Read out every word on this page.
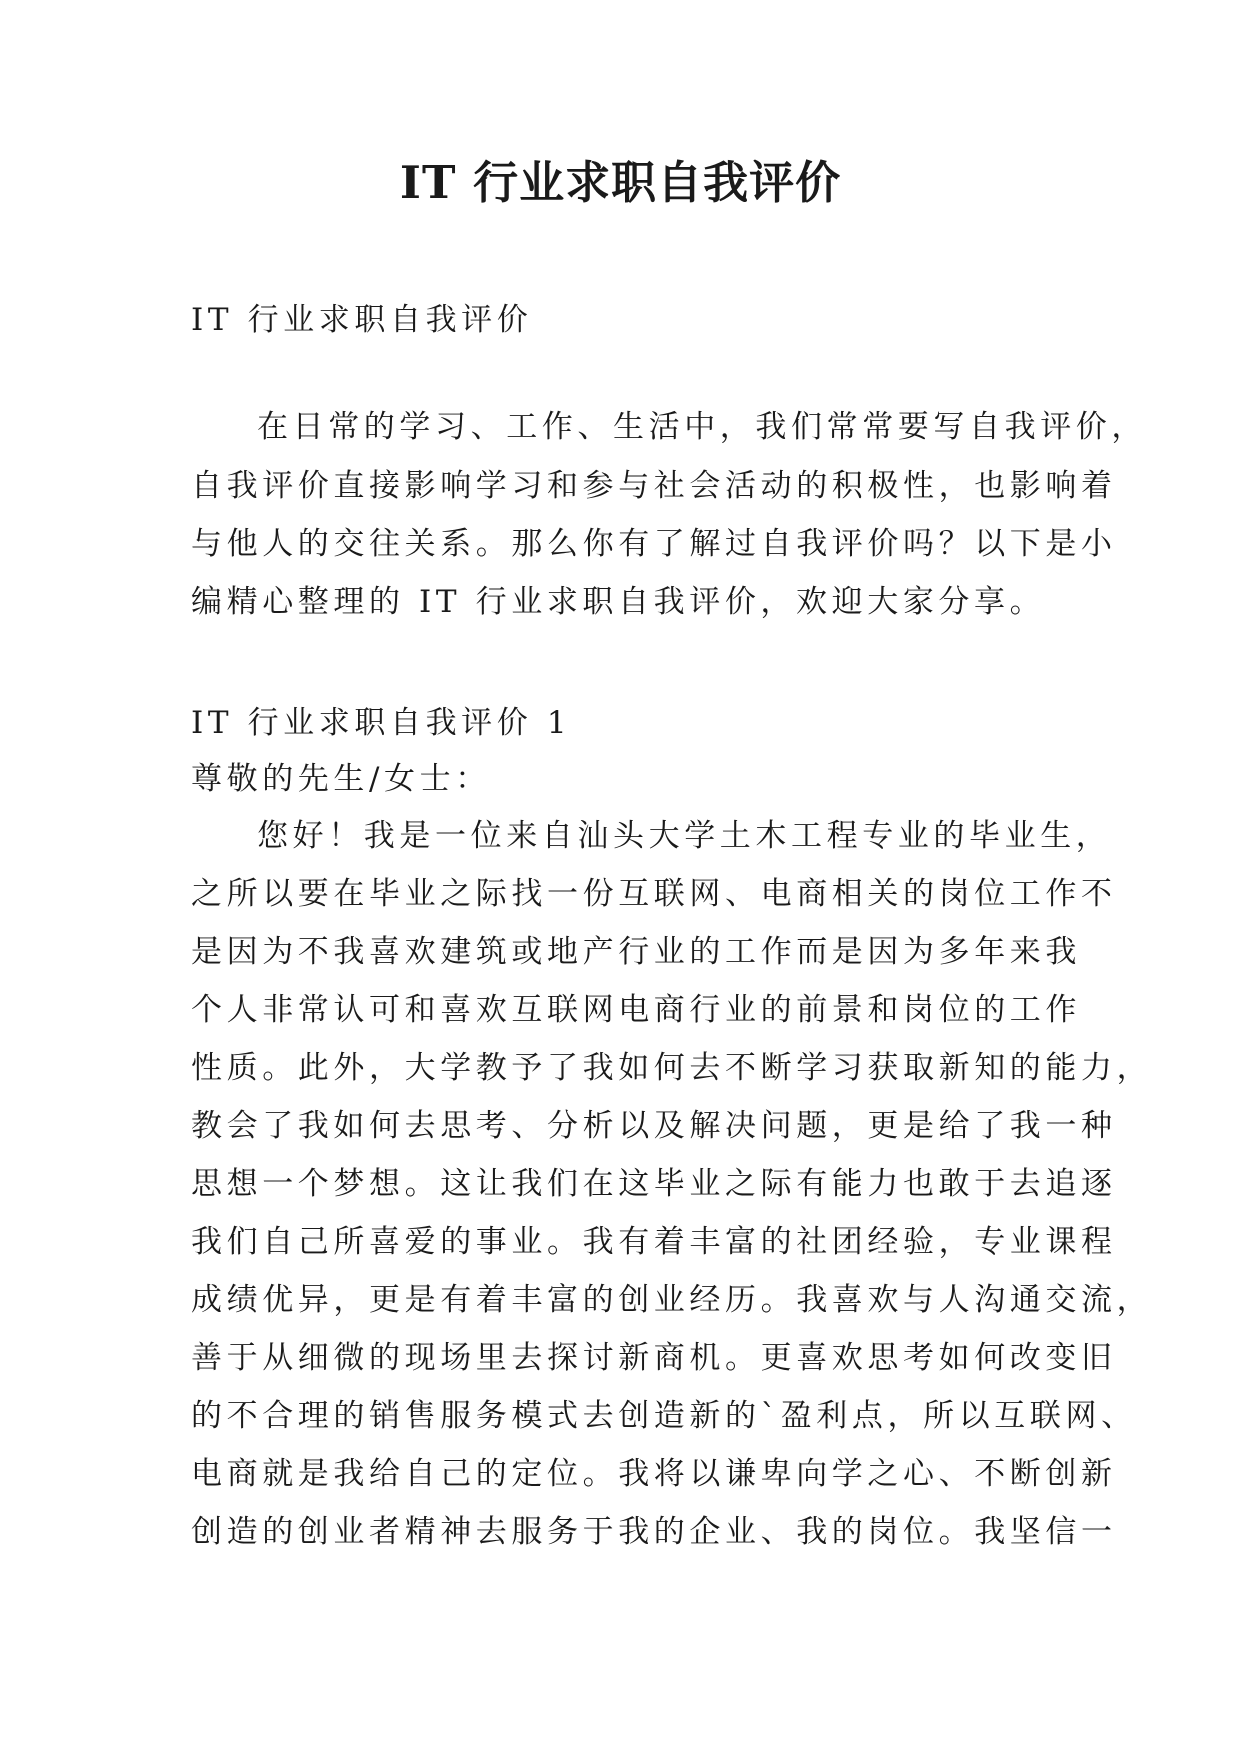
IT 行业求职自我评价

IT 行业求职自我评价

在日常的学习、工作、生活中，我们常常要写自我评价，

自我评价直接影响学习和参与社会活动的积极性，也影响着

与他人的交往关系。那么你有了解过自我评价吗？以下是小

编精心整理的 IT 行业求职自我评价，欢迎大家分享。

IT 行业求职自我评价 1

尊敬的先生/女士：

您好！我是一位来自汕头大学土木工程专业的毕业生，

之所以要在毕业之际找一份互联网、电商相关的岗位工作不

是因为不我喜欢建筑或地产行业的工作而是因为多年来我

个人非常认可和喜欢互联网电商行业的前景和岗位的工作

性质。此外，大学教予了我如何去不断学习获取新知的能力，

教会了我如何去思考、分析以及解决问题，更是给了我一种

思想一个梦想。这让我们在这毕业之际有能力也敢于去追逐

我们自己所喜爱的事业。我有着丰富的社团经验，专业课程

成绩优异，更是有着丰富的创业经历。我喜欢与人沟通交流，

善于从细微的现场里去探讨新商机。更喜欢思考如何改变旧

的不合理的销售服务模式去创造新的`盈利点，所以互联网、

电商就是我给自己的定位。我将以谦卑向学之心、不断创新

创造的创业者精神去服务于我的企业、我的岗位。我坚信一
